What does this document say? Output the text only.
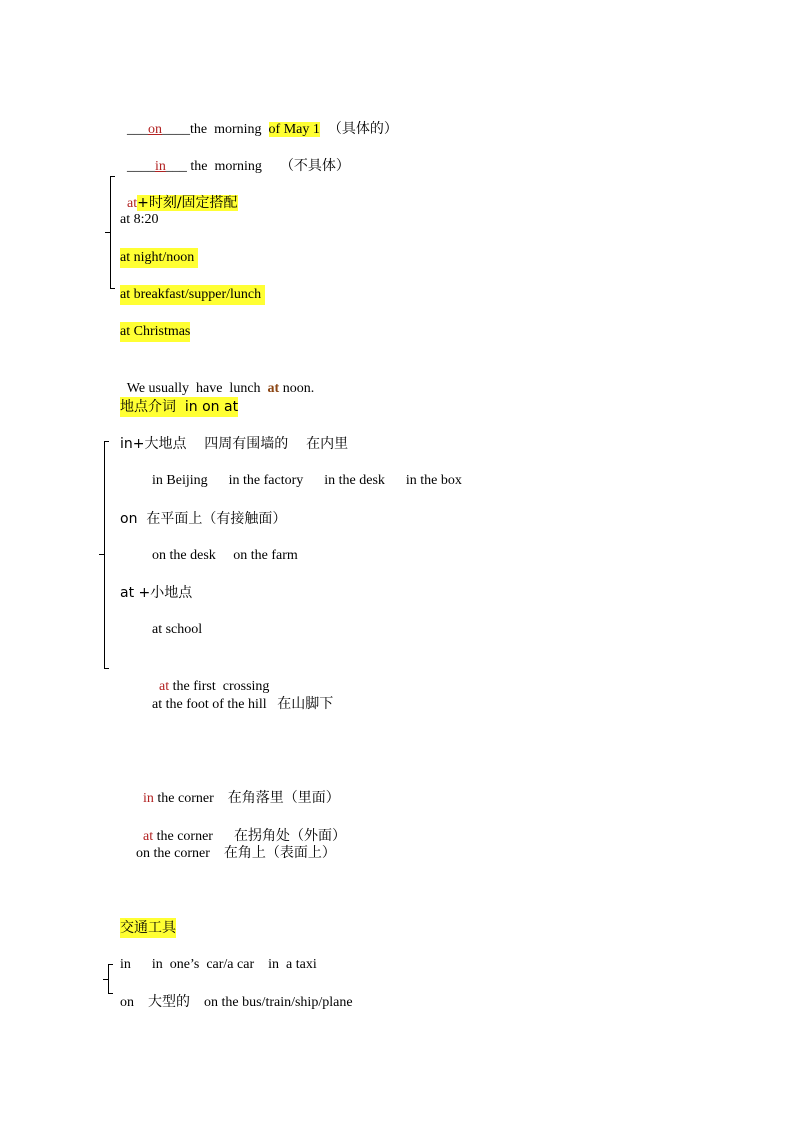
___on____the  morning  of May 1 （具体的）

____in___ the  morning （不具体）

at+时刻/固定搭配

at 8:20
at night/noon
at breakfast/supper/lunch
at Christmas

We usually  have  lunch  at noon.

地点介词  in on at
in+大地点    四周有围墙的    在内里
in Beijing      in the factory      in the desk      in the box
on  在平面上（有接触面）
on the desk     on the farm
at +小地点
at school

at the first  crossing

at the foot of the hill   在山脚下

in the corner    在角落里（里面）

at the corner      在拐角处（外面）

on the corner    在角上（表面上）
交通工具
in      in  one’s  car/a car    in  a taxi
on    大型的    on the bus/train/ship/plane
